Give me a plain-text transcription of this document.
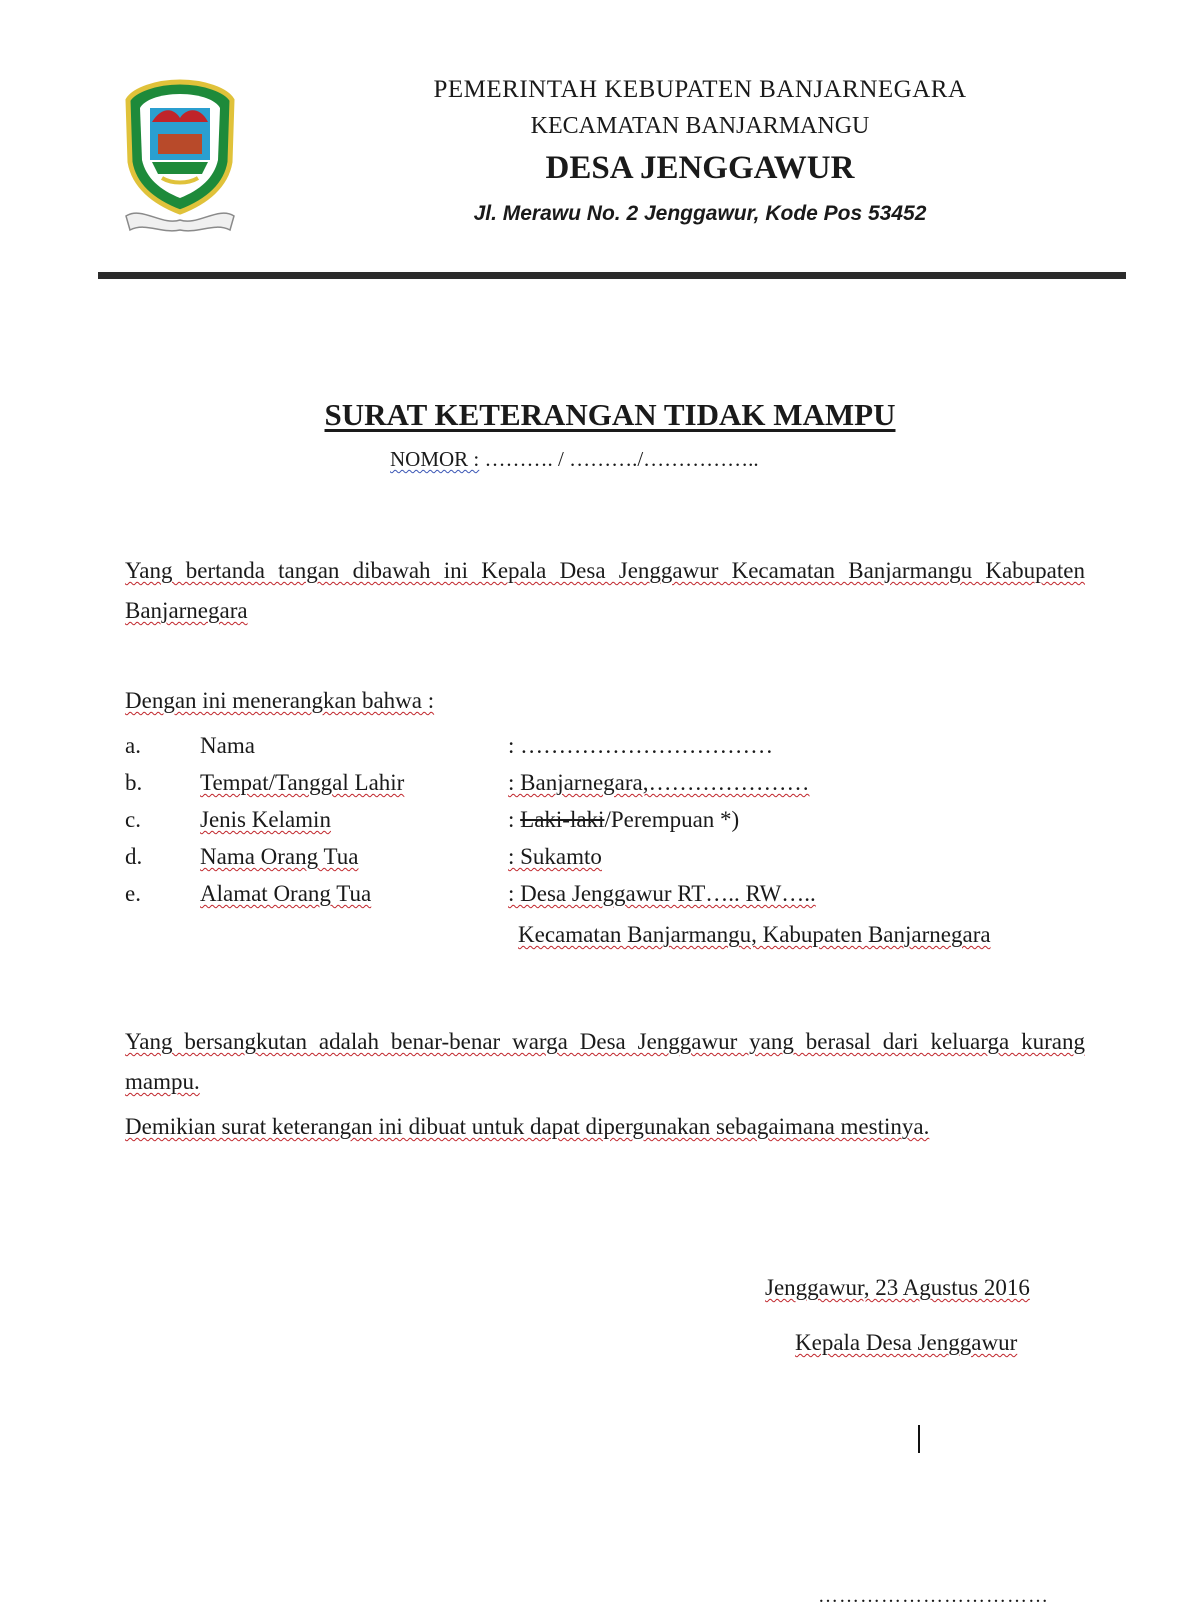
PEMERINTAH KEBUPATEN BANJARNEGARA
KECAMATAN BANJARMANGU
DESA JENGGAWUR
Jl. Merawu No. 2 Jenggawur, Kode Pos 53452
SURAT KETERANGAN TIDAK MAMPU
NOMOR : ………. / ………./……………..
Yang bertanda tangan dibawah ini Kepala Desa Jenggawur Kecamatan Banjarmangu Kabupaten Banjarnegara
Dengan ini menerangkan bahwa :
a.	Nama	: ……………………………
b.	Tempat/Tanggal Lahir	: Banjarnegara,…………………
c.	Jenis Kelamin	: Laki-laki/Perempuan *)
d.	Nama Orang Tua	: Sukamto
e.	Alamat Orang Tua	: Desa Jenggawur RT….. RW…..
Kecamatan Banjarmangu, Kabupaten Banjarnegara
Yang bersangkutan adalah benar-benar warga Desa Jenggawur yang berasal dari keluarga kurang mampu.
Demikian surat keterangan ini dibuat untuk dapat dipergunakan sebagaimana mestinya.
Jenggawur, 23 Agustus 2016
Kepala Desa Jenggawur
……………………………
